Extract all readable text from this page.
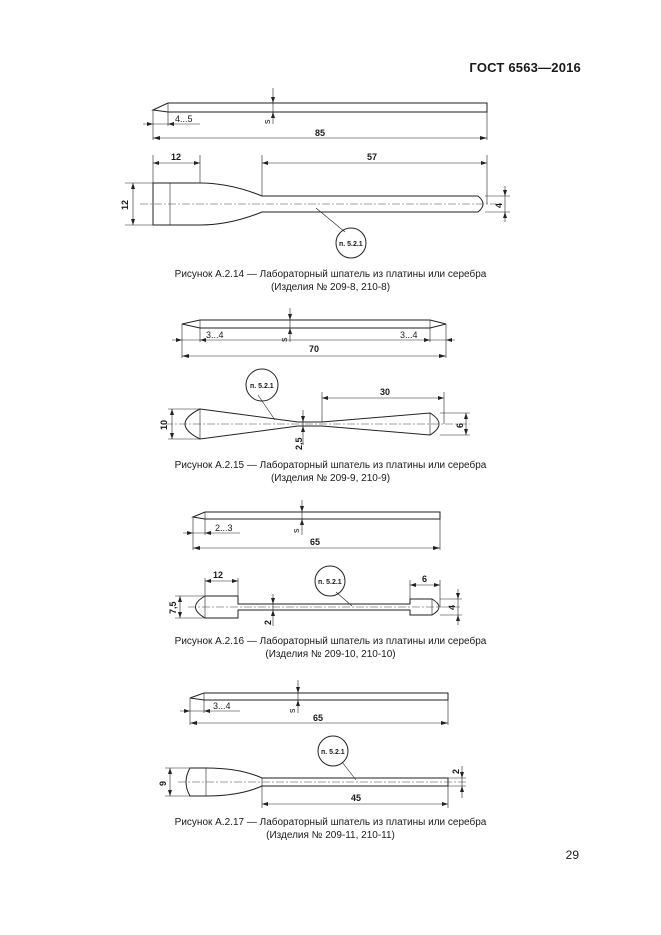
ГОСТ 6563—2016
4...5	s
85
12	57
12	4
п. 5.2.1
Рисунок А.2.14 — Лабораторный шпатель из платины или серебра
(Изделия № 209-8, 210-8)
3...4	3...4
s
70
30
10
2,5
6
п. 5.2.1
Рисунок А.2.15 — Лабораторный шпатель из платины или серебра
(Изделия № 209-9, 210-9)
2...3	s
65
12	6
7,5
2
4
п. 5.2.1
Рисунок А.2.16 — Лабораторный шпатель из платины или серебра
(Изделия № 209-10, 210-10)
3...4	s
65
9
2
45
п. 5.2.1
Рисунок А.2.17 — Лабораторный шпатель из платины или серебра
(Изделия № 209-11, 210-11)
29
